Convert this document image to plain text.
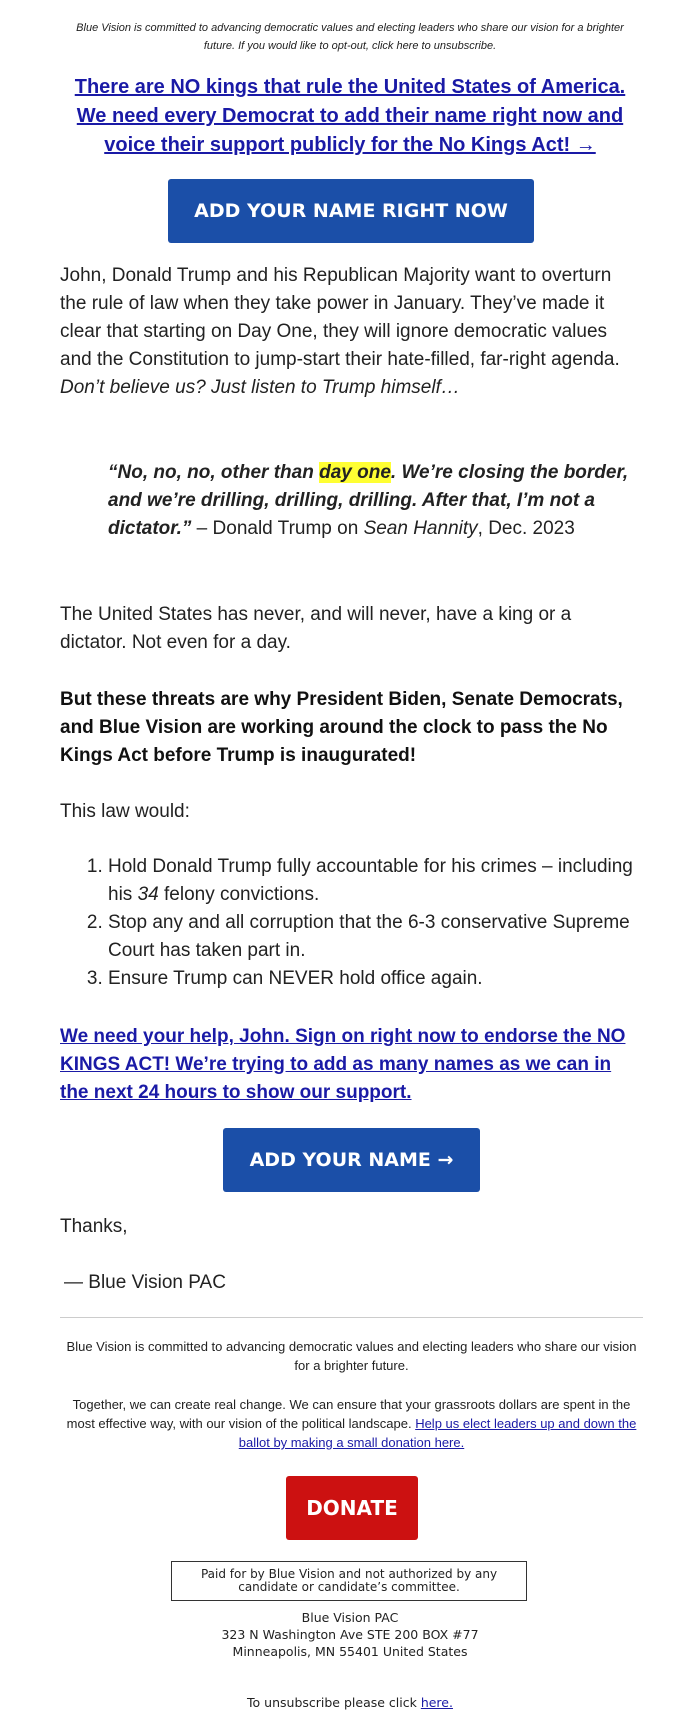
Blue Vision is committed to advancing democratic values and electing leaders who share our vision for a brighter future. If you would like to opt-out, click here to unsubscribe.
There are NO kings that rule the United States of America. We need every Democrat to add their name right now and voice their support publicly for the No Kings Act! →
ADD YOUR NAME RIGHT NOW
John, Donald Trump and his Republican Majority want to overturn the rule of law when they take power in January. They’ve made it clear that starting on Day One, they will ignore democratic values and the Constitution to jump-start their hate-filled, far-right agenda. Don’t believe us? Just listen to Trump himself…
“No, no, no, other than day one. We’re closing the border, and we’re drilling, drilling, drilling. After that, I’m not a dictator.” – Donald Trump on Sean Hannity, Dec. 2023
The United States has never, and will never, have a king or a dictator. Not even for a day.
But these threats are why President Biden, Senate Democrats, and Blue Vision are working around the clock to pass the No Kings Act before Trump is inaugurated!
This law would:
1. Hold Donald Trump fully accountable for his crimes – including his 34 felony convictions.
2. Stop any and all corruption that the 6-3 conservative Supreme Court has taken part in.
3. Ensure Trump can NEVER hold office again.
We need your help, John. Sign on right now to endorse the NO KINGS ACT! We’re trying to add as many names as we can in the next 24 hours to show our support.
ADD YOUR NAME →
Thanks,
— Blue Vision PAC
Blue Vision is committed to advancing democratic values and electing leaders who share our vision for a brighter future.
Together, we can create real change. We can ensure that your grassroots dollars are spent in the most effective way, with our vision of the political landscape. Help us elect leaders up and down the ballot by making a small donation here.
DONATE
Paid for by Blue Vision and not authorized by any candidate or candidate’s committee.
Blue Vision PAC
323 N Washington Ave STE 200 BOX #77
Minneapolis, MN 55401 United States
To unsubscribe please click here.
